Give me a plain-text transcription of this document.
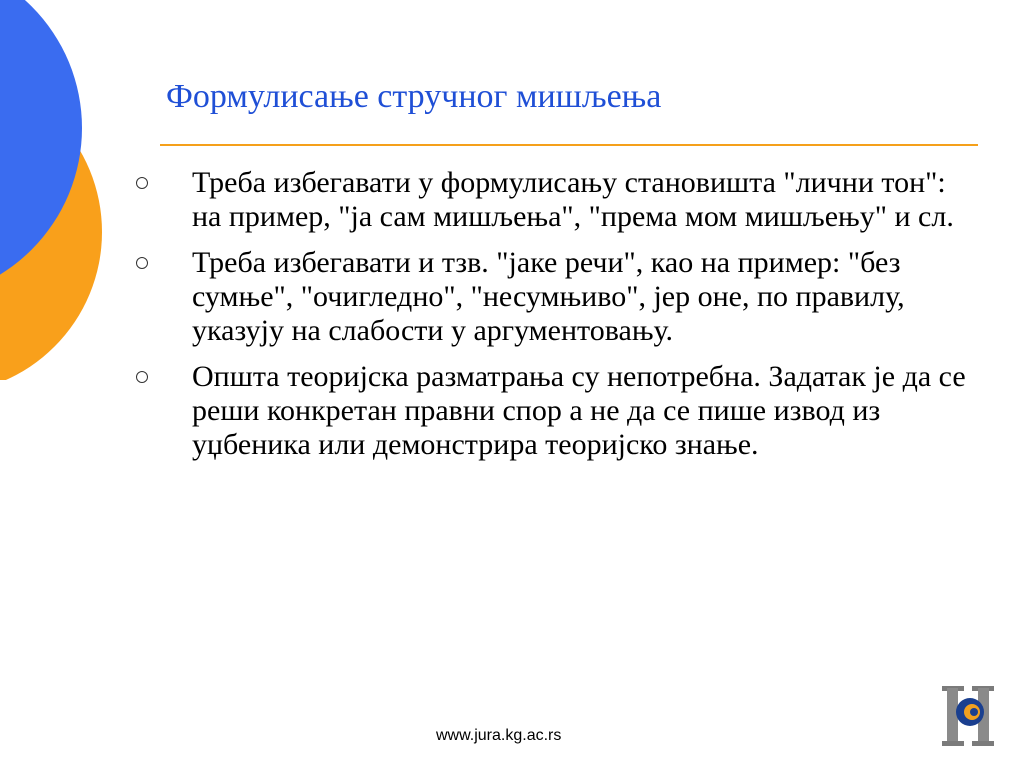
Формулисање стручног мишљења
Треба избегавати у формулисању становишта "лични тон": на пример, "ја сам мишљења", "према мом мишљењу" и сл.
Треба избегавати и тзв. "јаке речи", као на пример: "без сумње", "очигледно", "несумњиво", јер оне, по правилу, указују на слабости у аргументовању.
Општа теоријска разматрања су непотребна. Задатак је да се реши конкретан правни спор а не да се пише извод из уџбеника или демонстрира теоријско знање.
www.jura.kg.ac.rs
